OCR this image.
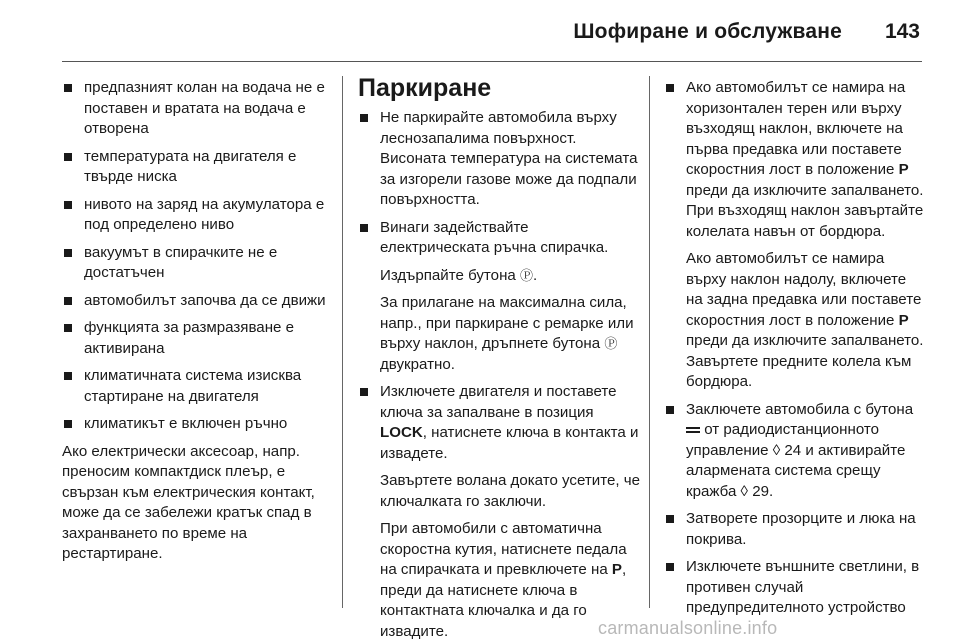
Шофиране и обслужване 143
предпазният колан на водача не е поставен и вратата на водача е отворена
температурата на двигателя е твърде ниска
нивото на заряд на акумулатора е под определено ниво
вакуумът в спирачките не е достатъчен
автомобилът започва да се движи
функцията за размразяване е активирана
климатичната система изисква стартиране на двигателя
климатикът е включен ръчно

Ако електрически аксесоар, напр. преносим компактдиск плеър, е свързан към електрическия контакт, може да се забележи кратък спад в захранването по време на рестартиране.

Паркиране
Не паркирайте автомобила върху леснозапалима повърхност. Висоната температура на системата за изгорели газове може да подпали повърхността.
Винаги задействайте електрическата ръчна спирачка.

Издърпайте бутона Ⓟ.

За прилагане на максимална сила, напр., при паркиране с ремарке или върху наклон, дръпнете бутона Ⓟ двукратно.

Изключете двигателя и поставете ключа за запалване в позиция LOCK, натиснете ключа в контакта и извадете.

Завъртете волана докато усетите, че ключалката го заключи.

При автомобили с автоматична скоростна кутия, натиснете педала на спирачката и превключете на P, преди да натиснете ключа в контактната ключалка и да го извадите.

Ако автомобилът се намира на хоризонтален терен или върху възходящ наклон, включете на първа предавка или поставете скоростния лост в положение P преди да изключите запалването. При възходящ наклон завъртайте колелата навън от бордюра.

Ако автомобилът се намира върху наклон надолу, включете на задна предавка или поставете скоростния лост в положение P преди да изключите запалването. Завъртете предните колела към бордюра.

Заключете автомобила с бутона  от радиодистанционното управление ◊ 24 и активирайте алармената система срещу кражба ◊ 29.
Затворете прозорците и люка на покрива.
Изключете външните светлини, в противен случай предупредителното устройство
carmanualsonline.info
